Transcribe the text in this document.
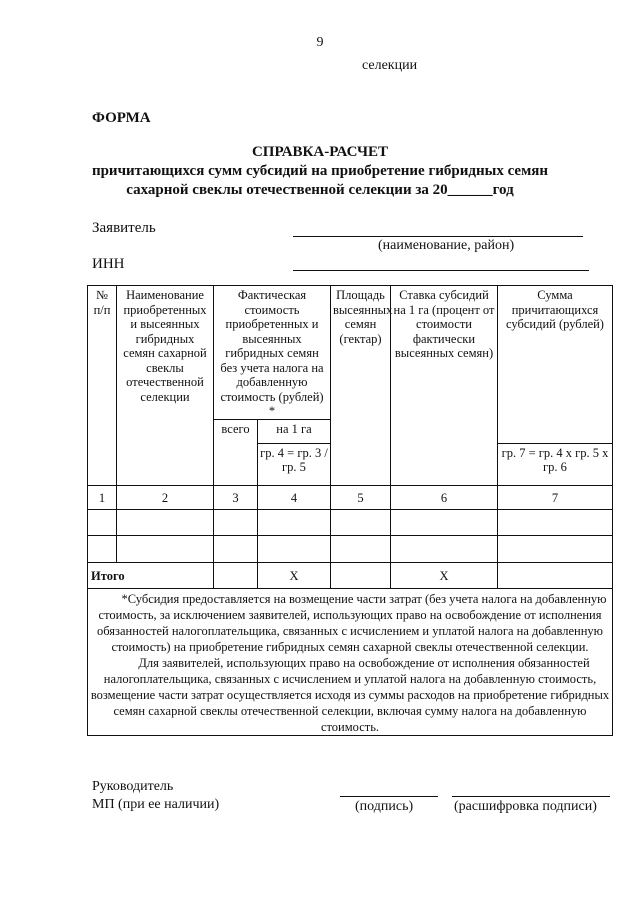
9
селекции
ФОРМА
СПРАВКА-РАСЧЕТ
причитающихся сумм субсидий на приобретение гибридных семян
сахарной свеклы отечественной селекции за 20______год
Заявитель
(наименование, район)
ИНН
№ п/п	Наименование приобретенных и высеянных гибридных семян сахарной свеклы отечественной селекции	Фактическая стоимость приобретенных и высеянных гибридных семян без учета налога на добавленную стоимость (рублей) *		Площадь высеянных семян (гектар)	Ставка субсидий на 1 га (процент от стоимости фактически высеянных семян)	Сумма причитающихся субсидий (рублей)
		всего	на 1 га			
			гр. 4 = гр. 3 / гр. 5			гр. 7 = гр. 4 x гр. 5 x гр. 6
1	2	3	4	5	6	7

Итого			X		X	

*Субсидия предоставляется на возмещение части затрат (без учета налога на добавленную стоимость, за исключением заявителей, использующих право на освобождение от исполнения обязанностей налогоплательщика, связанных с исчислением и уплатой налога на добавленную стоимость) на приобретение гибридных семян сахарной свеклы отечественной селекции.

Для заявителей, использующих право на освобождение от исполнения обязанностей налогоплательщика, связанных с исчислением и уплатой налога на добавленную стоимость, возмещение части затрат осуществляется исходя из суммы расходов на приобретение гибридных семян сахарной свеклы отечественной селекции, включая сумму налога на добавленную стоимость.						

Руководитель
МП (при ее наличии)	(подпись)	(расшифровка подписи)
